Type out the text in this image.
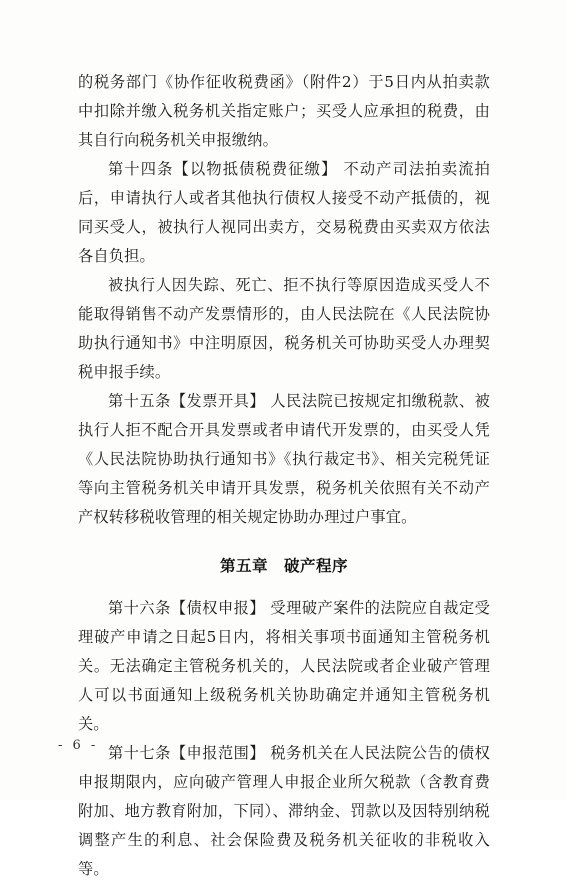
的税务部门《协作征收税费函》（附件2）于5日内从拍卖款中扣除并缴入税务机关指定账户；买受人应承担的税费，由其自行向税务机关申报缴纳。

第十四条【以物抵债税费征缴】 不动产司法拍卖流拍后，申请执行人或者其他执行债权人接受不动产抵债的，视同买受人，被执行人视同出卖方，交易税费由买卖双方依法各自负担。

被执行人因失踪、死亡、拒不执行等原因造成买受人不能取得销售不动产发票情形的，由人民法院在《人民法院协助执行通知书》中注明原因，税务机关可协助买受人办理契税申报手续。

第十五条【发票开具】 人民法院已按规定扣缴税款、被执行人拒不配合开具发票或者申请代开发票的，由买受人凭《人民法院协助执行通知书》《执行裁定书》、相关完税凭证等向主管税务机关申请开具发票，税务机关依照有关不动产产权转移税收管理的相关规定协助办理过户事宜。

第五章　破产程序

第十六条【债权申报】 受理破产案件的法院应自裁定受理破产申请之日起5日内，将相关事项书面通知主管税务机关。无法确定主管税务机关的，人民法院或者企业破产管理人可以书面通知上级税务机关协助确定并通知主管税务机关。

第十七条【申报范围】 税务机关在人民法院公告的债权申报期限内，应向破产管理人申报企业所欠税款（含教育费附加、地方教育附加，下同）、滞纳金、罚款以及因特别纳税调整产生的利息、社会保险费及税务机关征收的非税收入等。

- 6 -
